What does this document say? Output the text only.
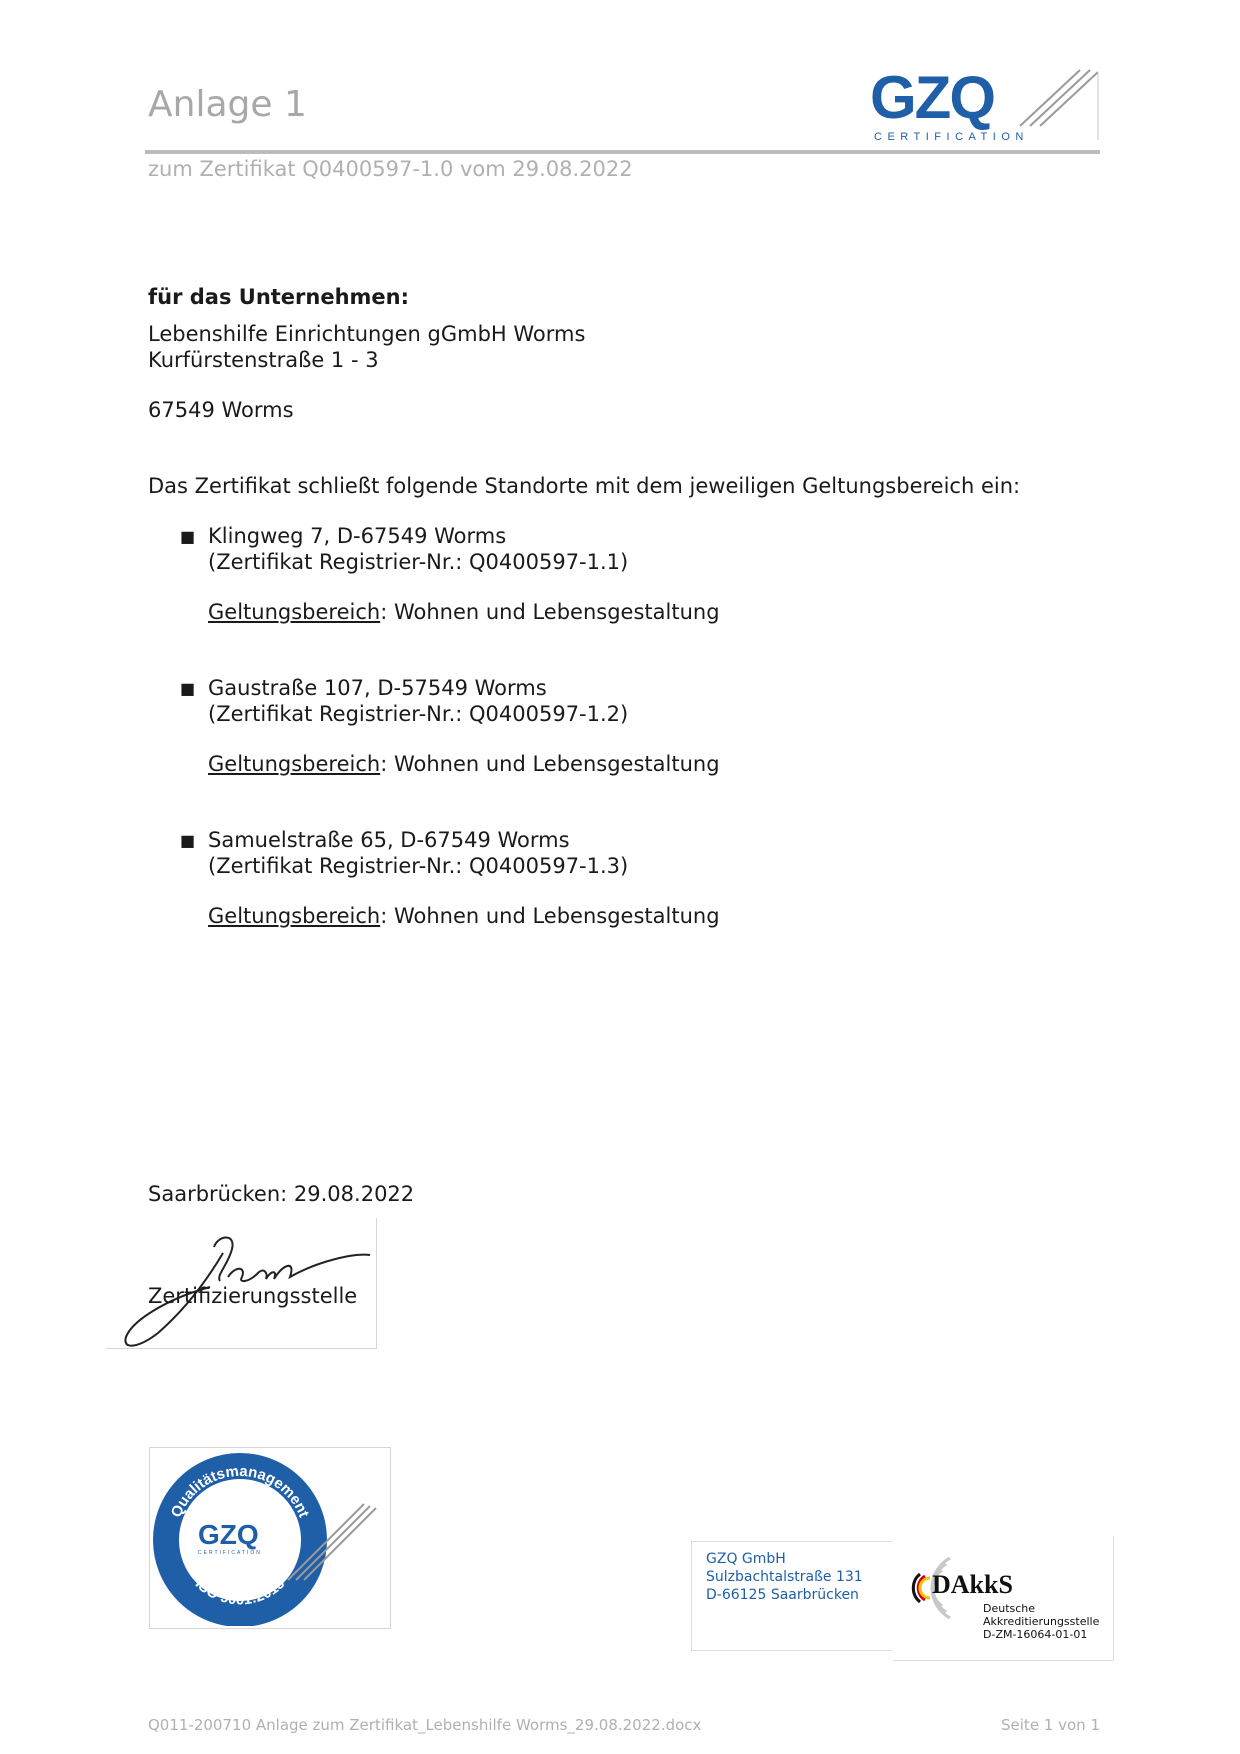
Anlage 1
zum Zertifikat Q0400597-1.0 vom 29.08.2022
GZQ
CERTIFICATION
für das Unternehmen:
Lebenshilfe Einrichtungen gGmbH Worms
Kurfürstenstraße 1 - 3
67549 Worms
Das Zertifikat schließt folgende Standorte mit dem jeweiligen Geltungsbereich ein:
■ Klingweg 7, D-67549 Worms
(Zertifikat Registrier-Nr.: Q0400597-1.1)
Geltungsbereich: Wohnen und Lebensgestaltung
■ Gaustraße 107, D-57549 Worms
(Zertifikat Registrier-Nr.: Q0400597-1.2)
Geltungsbereich: Wohnen und Lebensgestaltung
■ Samuelstraße 65, D-67549 Worms
(Zertifikat Registrier-Nr.: Q0400597-1.3)
Geltungsbereich: Wohnen und Lebensgestaltung
Saarbrücken: 29.08.2022
Zertifizierungsstelle
Qualitätsmanagement
ISO 9001:2015
GZQ
CERTIFICATION	GZQ GmbH
Sulzbachtalstraße 131
D-66125 Saarbrücken	DAkkS
Deutsche
Akkreditierungsstelle
D-ZM-16064-01-01
Q011-200710 Anlage zum Zertifikat_Lebenshilfe Worms_29.08.2022.docx	Seite 1 von 1
